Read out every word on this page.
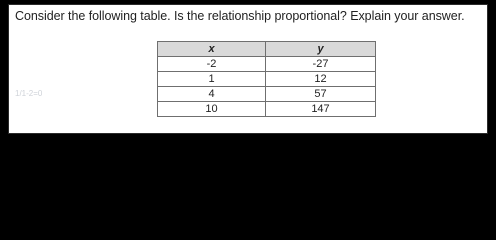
Consider the following table. Is the relationship proportional? Explain your answer.
1/1-2=0
x	y
-2	-27
1	12
4	57
10	147
